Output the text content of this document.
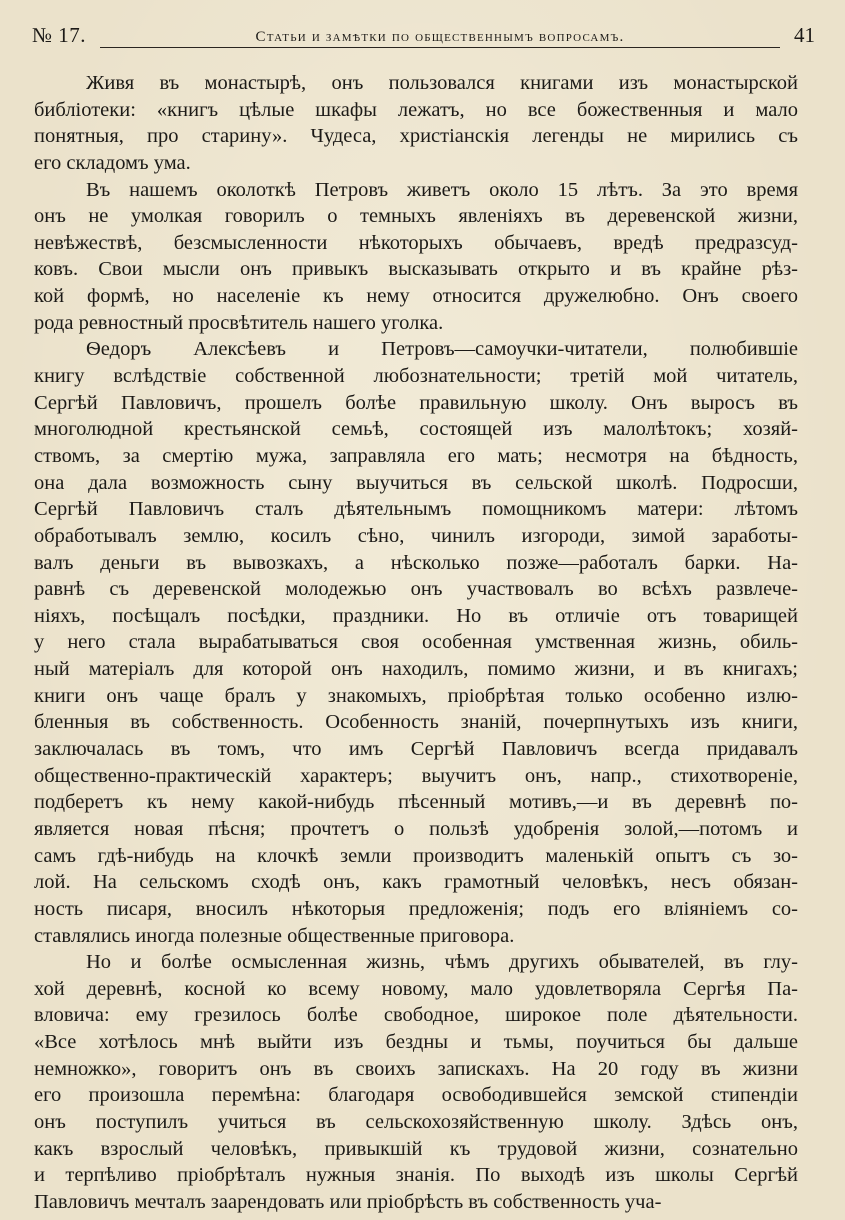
№ 17.	Статьи и замѣтки по общественнымъ вопросамъ.	41
Живя въ монастырѣ, онъ пользовался книгами изъ монастырской
библіотеки: «книгъ цѣлые шкафы лежатъ, но все божественныя и мало
понятныя, про старину». Чудеса, христіанскія легенды не мирились съ
его складомъ ума.
Въ нашемъ околоткѣ Петровъ живетъ около 15 лѣтъ. За это время
онъ не умолкая говорилъ о темныхъ явленіяхъ въ деревенской жизни,
невѣжествѣ, безсмысленности нѣкоторыхъ обычаевъ, вредѣ предразсуд-
ковъ. Свои мысли онъ привыкъ высказывать открыто и въ крайне рѣз-
кой формѣ, но населеніе къ нему относится дружелюбно. Онъ своего
рода ревностный просвѣтитель нашего уголка.
Ѳедоръ Алексѣевъ и Петровъ—самоучки-читатели, полюбившіе
книгу вслѣдствіе собственной любознательности; третій мой читатель,
Сергѣй Павловичъ, прошелъ болѣе правильную школу. Онъ выросъ въ
многолюдной крестьянской семьѣ, состоящей изъ малолѣтокъ; хозяй-
ствомъ, за смертію мужа, заправляла его мать; несмотря на бѣдность,
она дала возможность сыну выучиться въ сельской школѣ. Подросши,
Сергѣй Павловичъ сталъ дѣятельнымъ помощникомъ матери: лѣтомъ
обработывалъ землю, косилъ сѣно, чинилъ изгороди, зимой заработы-
валъ деньги въ вывозкахъ, а нѣсколько позже—работалъ барки. На-
равнѣ съ деревенской молодежью онъ участвовалъ во всѣхъ развлече-
ніяхъ, посѣщалъ посѣдки, праздники. Но въ отличіе отъ товарищей
у него стала вырабатываться своя особенная умственная жизнь, обиль-
ный матеріалъ для которой онъ находилъ, помимо жизни, и въ книгахъ;
книги онъ чаще бралъ у знакомыхъ, пріобрѣтая только особенно излю-
бленныя въ собственность. Особенность знаній, почерпнутыхъ изъ книги,
заключалась въ томъ, что имъ Сергѣй Павловичъ всегда придавалъ
общественно-практическій характеръ; выучитъ онъ, напр., стихотвореніе,
подберетъ къ нему какой-нибудь пѣсенный мотивъ,—и въ деревнѣ по-
является новая пѣсня; прочтетъ о пользѣ удобренія золой,—потомъ и
самъ гдѣ-нибудь на клочкѣ земли производитъ маленькій опытъ съ зо-
лой. На сельскомъ сходѣ онъ, какъ грамотный человѣкъ, несъ обязан-
ность писаря, вносилъ нѣкоторыя предложенія; подъ его вліяніемъ со-
ставлялись иногда полезные общественные приговора.
Но и болѣе осмысленная жизнь, чѣмъ другихъ обывателей, въ глу-
хой деревнѣ, косной ко всему новому, мало удовлетворяла Сергѣя Па-
вловича: ему грезилось болѣе свободное, широкое поле дѣятельности.
«Все хотѣлось мнѣ выйти изъ бездны и тьмы, поучиться бы дальше
немножко», говоритъ онъ въ своихъ запискахъ. На 20 году въ жизни
его произошла перемѣна: благодаря освободившейся земской стипендіи
онъ поступилъ учиться въ сельскохозяйственную школу. Здѣсь онъ,
какъ взрослый человѣкъ, привыкшій къ трудовой жизни, сознательно
и терпѣливо пріобрѣталъ нужныя знанія. По выходѣ изъ школы Сергѣй
Павловичъ мечталъ заарендовать или пріобрѣсть въ собственность уча-
